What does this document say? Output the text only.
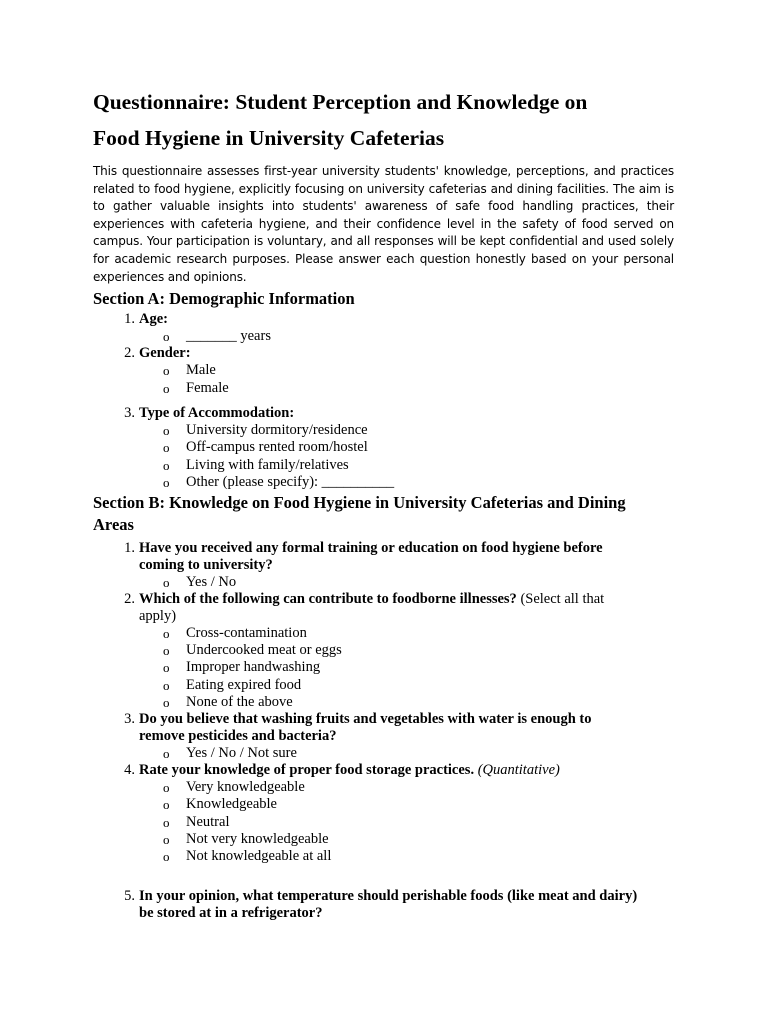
Questionnaire: Student Perception and Knowledge on
Food Hygiene in University Cafeterias

This questionnaire assesses first-year university students' knowledge, perceptions, and practices related to food hygiene, explicitly focusing on university cafeterias and dining facilities. The aim is to gather valuable insights into students' awareness of safe food handling practices, their experiences with cafeteria hygiene, and their confidence level in the safety of food served on campus. Your participation is voluntary, and all responses will be kept confidential and used solely for academic research purposes. Please answer each question honestly based on your personal experiences and opinions.

Section A: Demographic Information
1. Age:
o _______ years
2. Gender:
o Male
o Female
3. Type of Accommodation:
o University dormitory/residence
o Off-campus rented room/hostel
o Living with family/relatives
o Other (please specify): __________
Section B: Knowledge on Food Hygiene in University Cafeterias and Dining
Areas
1. Have you received any formal training or education on food hygiene before
coming to university?
o Yes / No
2. Which of the following can contribute to foodborne illnesses? (Select all that
apply)
o Cross-contamination
o Undercooked meat or eggs
o Improper handwashing
o Eating expired food
o None of the above
3. Do you believe that washing fruits and vegetables with water is enough to
remove pesticides and bacteria?
o Yes / No / Not sure
4. Rate your knowledge of proper food storage practices. (Quantitative)
o Very knowledgeable
o Knowledgeable
o Neutral
o Not very knowledgeable
o Not knowledgeable at all
5. In your opinion, what temperature should perishable foods (like meat and dairy)
be stored at in a refrigerator?
